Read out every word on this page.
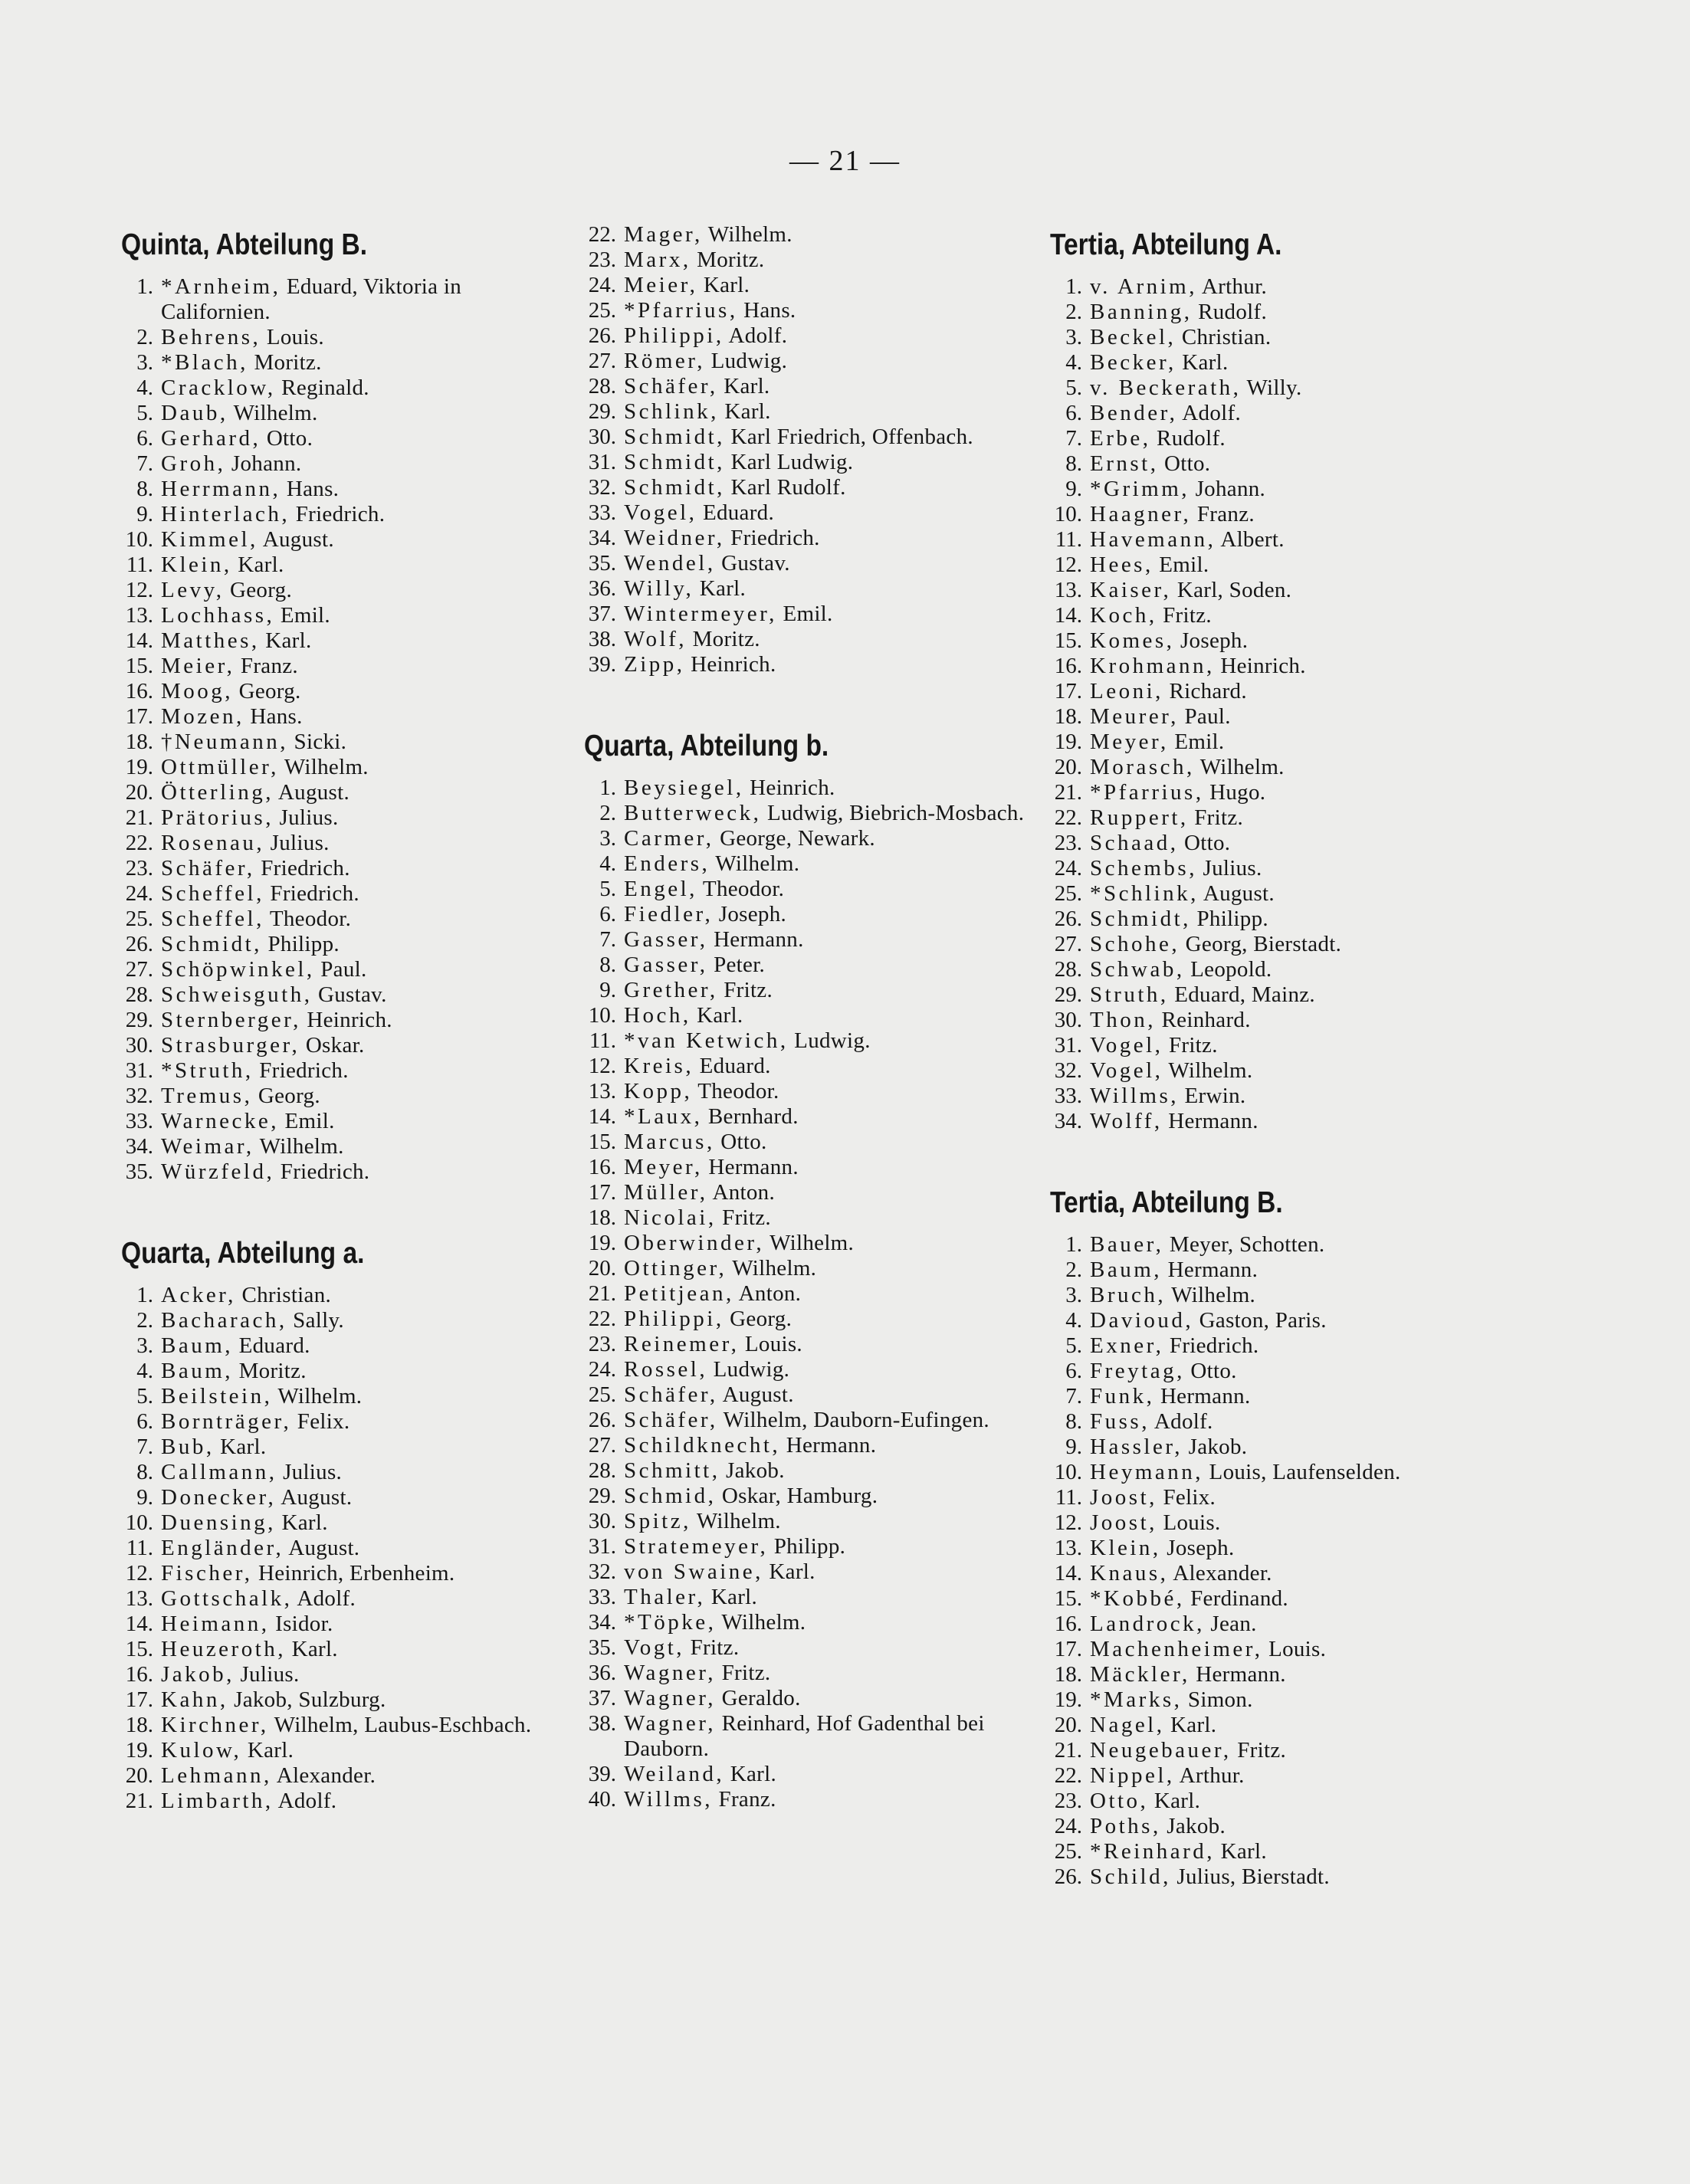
— 21 —
Quinta, Abteilung B.
1. *Arnheim, Eduard, Viktoria in Californien.
2. Behrens, Louis.
3. *Blach, Moritz.
4. Cracklow, Reginald.
5. Daub, Wilhelm.
6. Gerhard, Otto.
7. Groh, Johann.
8. Herrmann, Hans.
9. Hinterlach, Friedrich.
10. Kimmel, August.
11. Klein, Karl.
12. Levy, Georg.
13. Lochhass, Emil.
14. Matthes, Karl.
15. Meier, Franz.
16. Moog, Georg.
17. Mozen, Hans.
18. †Neumann, Sicki.
19. Ottmüller, Wilhelm.
20. Ötterling, August.
21. Prätorius, Julius.
22. Rosenau, Julius.
23. Schäfer, Friedrich.
24. Scheffel, Friedrich.
25. Scheffel, Theodor.
26. Schmidt, Philipp.
27. Schöpwinkel, Paul.
28. Schweisguth, Gustav.
29. Sternberger, Heinrich.
30. Strasburger, Oskar.
31. *Struth, Friedrich.
32. Tremus, Georg.
33. Warnecke, Emil.
34. Weimar, Wilhelm.
35. Würzfeld, Friedrich.
Quarta, Abteilung a.
1. Acker, Christian.
2. Bacharach, Sally.
3. Baum, Eduard.
4. Baum, Moritz.
5. Beilstein, Wilhelm.
6. Bornträger, Felix.
7. Bub, Karl.
8. Callmann, Julius.
9. Donecker, August.
10. Duensing, Karl.
11. Engländer, August.
12. Fischer, Heinrich, Erbenheim.
13. Gottschalk, Adolf.
14. Heimann, Isidor.
15. Heuzeroth, Karl.
16. Jakob, Julius.
17. Kahn, Jakob, Sulzburg.
18. Kirchner, Wilhelm, Laubus-Eschbach.
19. Kulow, Karl.
20. Lehmann, Alexander.
21. Limbarth, Adolf.
22. Mager, Wilhelm.
23. Marx, Moritz.
24. Meier, Karl.
25. *Pfarrius, Hans.
26. Philippi, Adolf.
27. Römer, Ludwig.
28. Schäfer, Karl.
29. Schlink, Karl.
30. Schmidt, Karl Friedrich, Offenbach.
31. Schmidt, Karl Ludwig.
32. Schmidt, Karl Rudolf.
33. Vogel, Eduard.
34. Weidner, Friedrich.
35. Wendel, Gustav.
36. Willy, Karl.
37. Wintermeyer, Emil.
38. Wolf, Moritz.
39. Zipp, Heinrich.
Quarta, Abteilung b.
1. Beysiegel, Heinrich.
2. Butterweck, Ludwig, Biebrich-Mosbach.
3. Carmer, George, Newark.
4. Enders, Wilhelm.
5. Engel, Theodor.
6. Fiedler, Joseph.
7. Gasser, Hermann.
8. Gasser, Peter.
9. Grether, Fritz.
10. Hoch, Karl.
11. *van Ketwich, Ludwig.
12. Kreis, Eduard.
13. Kopp, Theodor.
14. *Laux, Bernhard.
15. Marcus, Otto.
16. Meyer, Hermann.
17. Müller, Anton.
18. Nicolai, Fritz.
19. Oberwinder, Wilhelm.
20. Ottinger, Wilhelm.
21. Petitjean, Anton.
22. Philippi, Georg.
23. Reinemer, Louis.
24. Rossel, Ludwig.
25. Schäfer, August.
26. Schäfer, Wilhelm, Dauborn-Eufingen.
27. Schildknecht, Hermann.
28. Schmitt, Jakob.
29. Schmid, Oskar, Hamburg.
30. Spitz, Wilhelm.
31. Stratemeyer, Philipp.
32. von Swaine, Karl.
33. Thaler, Karl.
34. *Töpke, Wilhelm.
35. Vogt, Fritz.
36. Wagner, Fritz.
37. Wagner, Geraldo.
38. Wagner, Reinhard, Hof Gadenthal bei Dauborn.
39. Weiland, Karl.
40. Willms, Franz.
Tertia, Abteilung A.
1. v. Arnim, Arthur.
2. Banning, Rudolf.
3. Beckel, Christian.
4. Becker, Karl.
5. v. Beckerath, Willy.
6. Bender, Adolf.
7. Erbe, Rudolf.
8. Ernst, Otto.
9. *Grimm, Johann.
10. Haagner, Franz.
11. Havemann, Albert.
12. Hees, Emil.
13. Kaiser, Karl, Soden.
14. Koch, Fritz.
15. Komes, Joseph.
16. Krohmann, Heinrich.
17. Leoni, Richard.
18. Meurer, Paul.
19. Meyer, Emil.
20. Morasch, Wilhelm.
21. *Pfarrius, Hugo.
22. Ruppert, Fritz.
23. Schaad, Otto.
24. Schembs, Julius.
25. *Schlink, August.
26. Schmidt, Philipp.
27. Schohe, Georg, Bierstadt.
28. Schwab, Leopold.
29. Struth, Eduard, Mainz.
30. Thon, Reinhard.
31. Vogel, Fritz.
32. Vogel, Wilhelm.
33. Willms, Erwin.
34. Wolff, Hermann.
Tertia, Abteilung B.
1. Bauer, Meyer, Schotten.
2. Baum, Hermann.
3. Bruch, Wilhelm.
4. Davioud, Gaston, Paris.
5. Exner, Friedrich.
6. Freytag, Otto.
7. Funk, Hermann.
8. Fuss, Adolf.
9. Hassler, Jakob.
10. Heymann, Louis, Laufenselden.
11. Joost, Felix.
12. Joost, Louis.
13. Klein, Joseph.
14. Knaus, Alexander.
15. *Kobbé, Ferdinand.
16. Landrock, Jean.
17. Machenheimer, Louis.
18. Mäckler, Hermann.
19. *Marks, Simon.
20. Nagel, Karl.
21. Neugebauer, Fritz.
22. Nippel, Arthur.
23. Otto, Karl.
24. Poths, Jakob.
25. *Reinhard, Karl.
26. Schild, Julius, Bierstadt.
